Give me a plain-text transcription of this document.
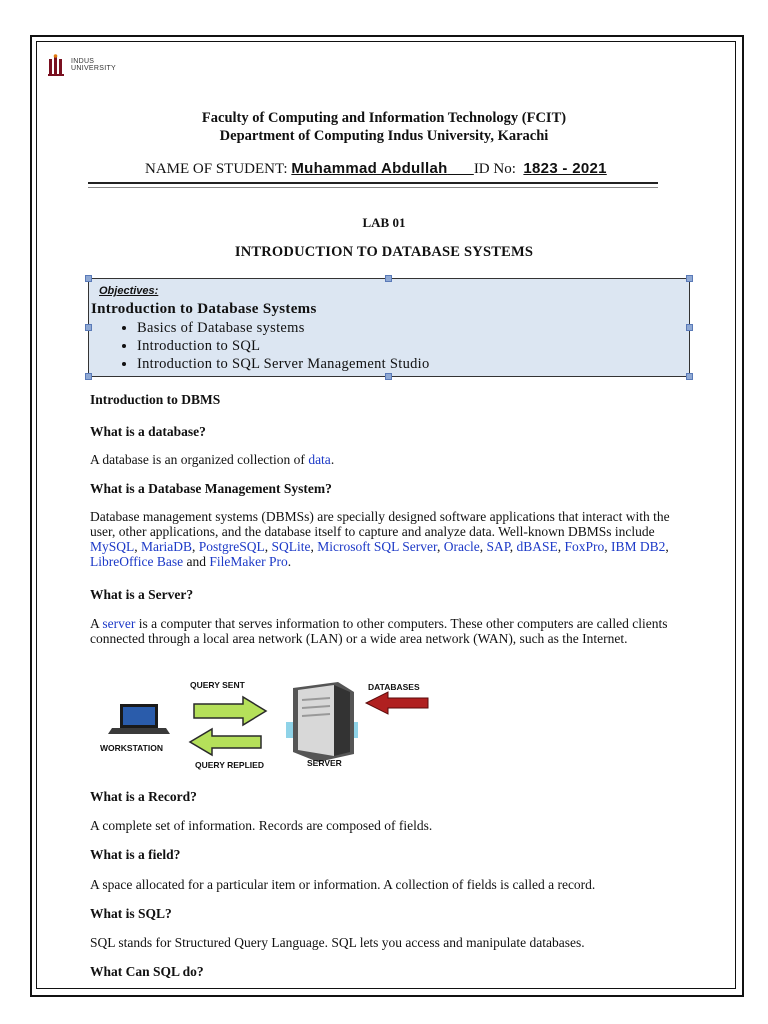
INDUS
UNIVERSITY
Faculty of Computing and Information Technology (FCIT)
Department of Computing Indus University, Karachi
NAME OF STUDENT: Muhammad Abdullah ID No: 1823 - 2021
LAB 01
INTRODUCTION TO DATABASE SYSTEMS
Objectives:
Introduction to Database Systems
• Basics of Database systems
• Introduction to SQL
• Introduction to SQL Server Management Studio
Introduction to DBMS
What is a database?
A database is an organized collection of data.
What is a Database Management System?
Database management systems (DBMSs) are specially designed software applications that interact with the user, other applications, and the database itself to capture and analyze data. Well-known DBMSs include MySQL, MariaDB, PostgreSQL, SQLite, Microsoft SQL Server, Oracle, SAP, dBASE, FoxPro, IBM DB2, LibreOffice Base and FileMaker Pro.
What is a Server?
A server is a computer that serves information to other computers. These other computers are called clients connected through a local area network (LAN) or a wide area network (WAN), such as the Internet.
QUERY SENT	DATABASES
WORKSTATION
QUERY REPLIED	SERVER
What is a Record?
A complete set of information. Records are composed of fields.
What is a field?
A space allocated for a particular item or information. A collection of fields is called a record.
What is SQL?
SQL stands for Structured Query Language. SQL lets you access and manipulate databases.
What Can SQL do?
